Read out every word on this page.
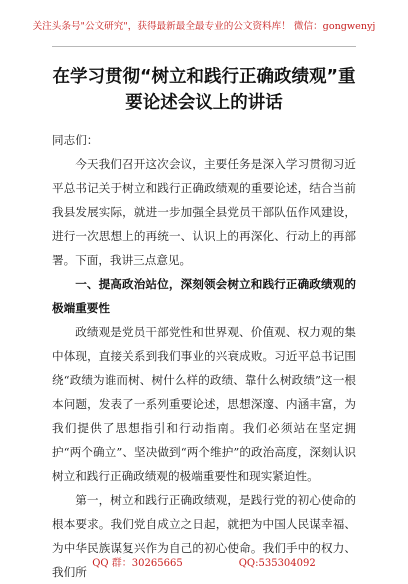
关注头条号"公文研究"，获得最新最全最专业的公文资料库！ 微信：gongwenyj
在学习贯彻“树立和践行正确政绩观”重要论述会议上的讲话

同志们：

今天我们召开这次会议，主要任务是深入学习贯彻习近平总书记关于树立和践行正确政绩观的重要论述，结合当前我县发展实际，就进一步加强全县党员干部队伍作风建设，进行一次思想上的再统一、认识上的再深化、行动上的再部署。下面，我讲三点意见。

一、提高政治站位，深刻领会树立和践行正确政绩观的极端重要性

政绩观是党员干部党性和世界观、价值观、权力观的集中体现，直接关系到我们事业的兴衰成败。习近平总书记围绕“政绩为谁而树、树什么样的政绩、靠什么树政绩”这一根本问题，发表了一系列重要论述，思想深邃、内涵丰富，为我们提供了思想指引和行动指南。我们必须站在坚定拥护“两个确立”、坚决做到“两个维护”的政治高度，深刻认识树立和践行正确政绩观的极端重要性和现实紧迫性。

第一，树立和践行正确政绩观，是践行党的初心使命的根本要求。我们党自成立之日起，就把为中国人民谋幸福、为中华民族谋复兴作为自己的初心使命。我们手中的权力、我们所

QQ 群：30265665	QQ:535304092
